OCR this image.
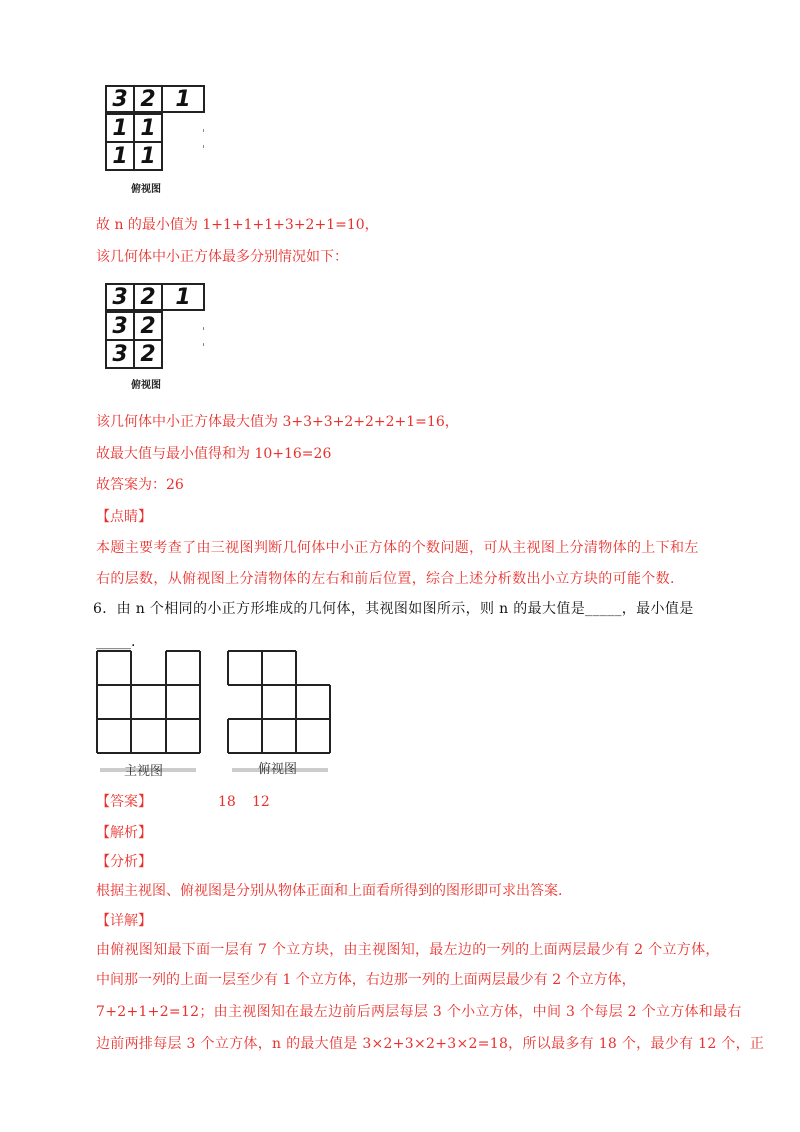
3 2 1
1 1
1 1
俯视图
故 n 的最小值为 1+1+1+1+3+2+1=10，
该几何体中小正方体最多分别情况如下：
3 2 1
3 2
3 2
俯视图
该几何体中小正方体最大值为 3+3+3+2+2+2+1=16，
故最大值与最小值得和为 10+16=26
故答案为：26
【点睛】
本题主要考查了由三视图判断几何体中小正方体的个数问题，可从主视图上分清物体的上下和左
右的层数，从俯视图上分清物体的左右和前后位置，综合上述分析数出小立方块的可能个数.
6．由 n 个相同的小正方形堆成的几何体，其视图如图所示，则 n 的最大值是_____，最小值是
_____.
主视图	俯视图
【答案】	18 12
【解析】
【分析】
根据主视图、俯视图是分别从物体正面和上面看所得到的图形即可求出答案.
【详解】
由俯视图知最下面一层有 7 个立方块，由主视图知，最左边的一列的上面两层最少有 2 个立方体，
中间那一列的上面一层至少有 1 个立方体，右边那一列的上面两层最少有 2 个立方体，
7+2+1+2=12；由主视图知在最左边前后两层每层 3 个小立方体，中间 3 个每层 2 个立方体和最右
边前两排每层 3 个立方体，n 的最大值是 3×2+3×2+3×2=18，所以最多有 18 个，最少有 12 个，正
